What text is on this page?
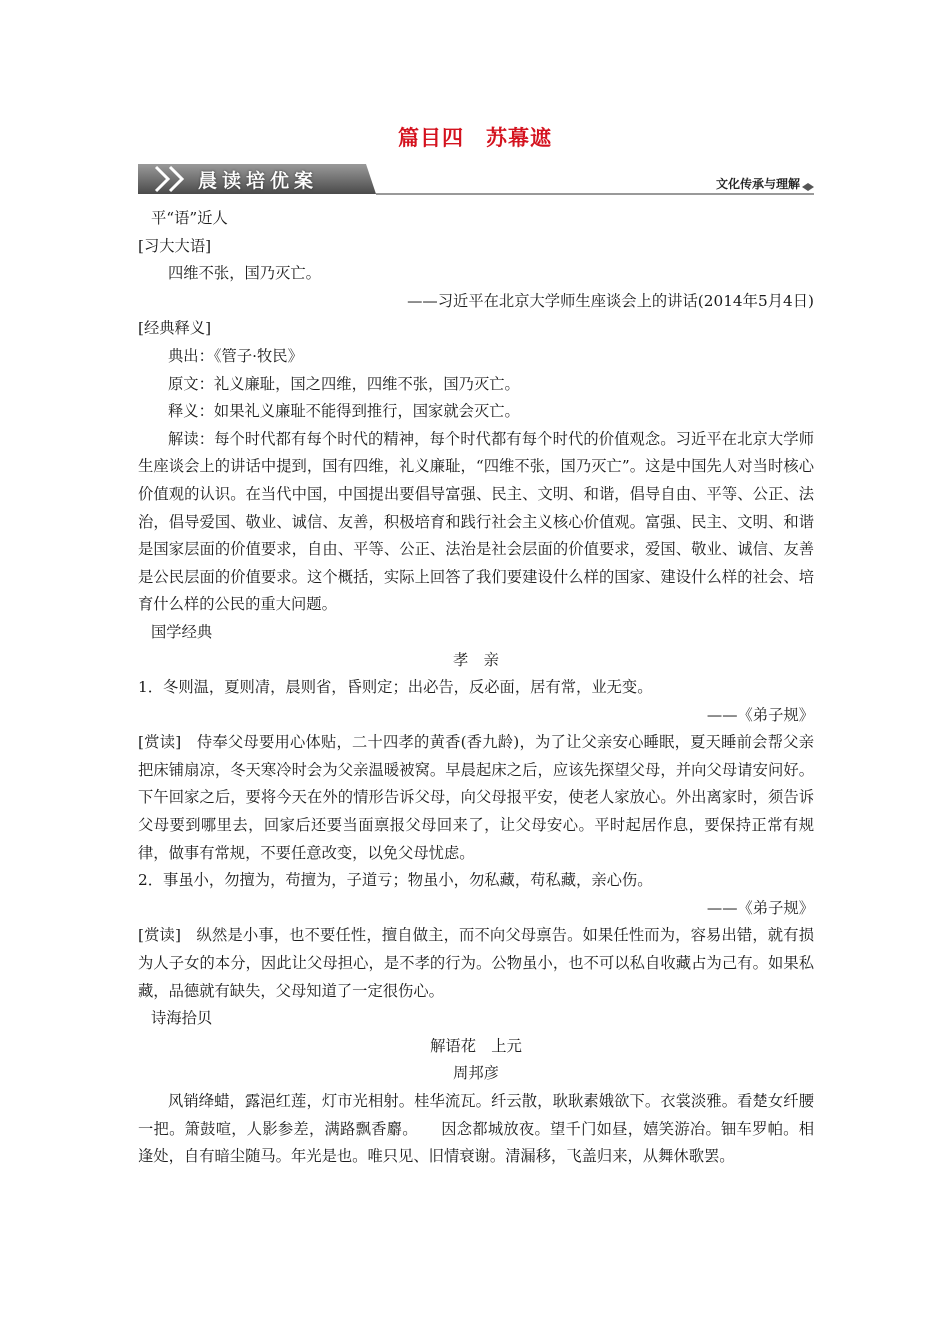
篇目四　苏幕遮
晨读培优案	文化传承与理解

平“语”近人

[习大大语]

四维不张，国乃灭亡。

——习近平在北京大学师生座谈会上的讲话(2014年5月4日)

[经典释义]

典出：《管子·牧民》

原文：礼义廉耻，国之四维，四维不张，国乃灭亡。

释义：如果礼义廉耻不能得到推行，国家就会灭亡。

解读：每个时代都有每个时代的精神，每个时代都有每个时代的价值观念。习近平在北京大学师生座谈会上的讲话中提到，国有四维，礼义廉耻，“四维不张，国乃灭亡”。这是中国先人对当时核心价值观的认识。在当代中国，中国提出要倡导富强、民主、文明、和谐，倡导自由、平等、公正、法治，倡导爱国、敬业、诚信、友善，积极培育和践行社会主义核心价值观。富强、民主、文明、和谐是国家层面的价值要求，自由、平等、公正、法治是社会层面的价值要求，爱国、敬业、诚信、友善是公民层面的价值要求。这个概括，实际上回答了我们要建设什么样的国家、建设什么样的社会、培育什么样的公民的重大问题。

国学经典

孝　亲

1．冬则温，夏则凊，晨则省，昏则定；出必告，反必面，居有常，业无变。

——《弟子规》

[赏读]　侍奉父母要用心体贴，二十四孝的黄香(香九龄)，为了让父亲安心睡眠，夏天睡前会帮父亲把床铺扇凉，冬天寒冷时会为父亲温暖被窝。早晨起床之后，应该先探望父母，并向父母请安问好。下午回家之后，要将今天在外的情形告诉父母，向父母报平安，使老人家放心。外出离家时，须告诉父母要到哪里去，回家后还要当面禀报父母回来了，让父母安心。平时起居作息，要保持正常有规律，做事有常规，不要任意改变，以免父母忧虑。

2．事虽小，勿擅为，苟擅为，子道亏；物虽小，勿私藏，苟私藏，亲心伤。

——《弟子规》

[赏读]　纵然是小事，也不要任性，擅自做主，而不向父母禀告。如果任性而为，容易出错，就有损为人子女的本分，因此让父母担心，是不孝的行为。公物虽小，也不可以私自收藏占为己有。如果私藏，品德就有缺失，父母知道了一定很伤心。

诗海拾贝

解语花　上元

周邦彦

风销绛蜡，露浥红莲，灯市光相射。桂华流瓦。纤云散，耿耿素娥欲下。衣裳淡雅。看楚女纤腰一把。箫鼓喧，人影参差，满路飘香麝。　　因念都城放夜。望千门如昼，嬉笑游冶。钿车罗帕。相逢处，自有暗尘随马。年光是也。唯只见、旧情衰谢。清漏移，飞盖归来，从舞休歌罢。
